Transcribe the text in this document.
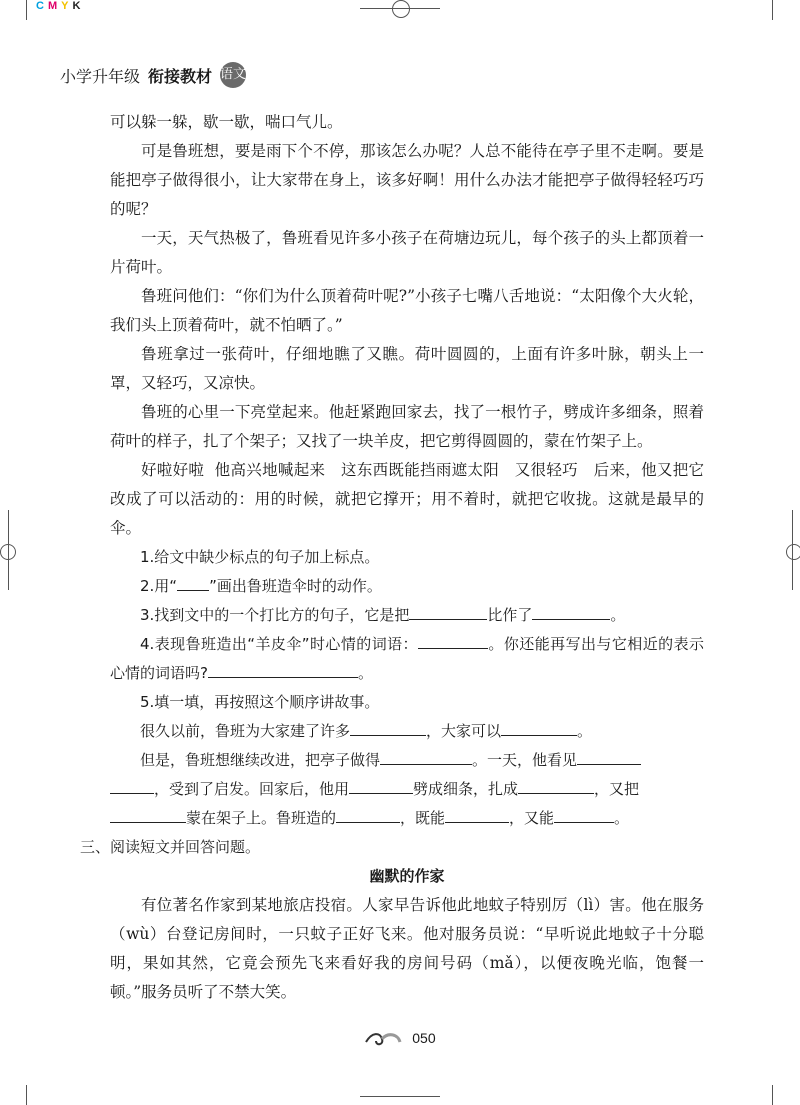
C M Y K
小学升年级 衔接教材 语文

可以躲一躲，歇一歇，喘口气儿。

可是鲁班想，要是雨下个不停，那该怎么办呢？人总不能待在亭子里不走啊。要是能把亭子做得很小，让大家带在身上，该多好啊！用什么办法才能把亭子做得轻轻巧巧的呢？

一天，天气热极了，鲁班看见许多小孩子在荷塘边玩儿，每个孩子的头上都顶着一片荷叶。

鲁班问他们：“你们为什么顶着荷叶呢?”小孩子七嘴八舌地说：“太阳像个大火轮，我们头上顶着荷叶，就不怕晒了。”

鲁班拿过一张荷叶，仔细地瞧了又瞧。荷叶圆圆的，上面有许多叶脉，朝头上一罩，又轻巧，又凉快。

鲁班的心里一下亮堂起来。他赶紧跑回家去，找了一根竹子，劈成许多细条，照着荷叶的样子，扎了个架子；又找了一块羊皮，把它剪得圆圆的，蒙在竹架子上。

好啦好啦  他高兴地喊起来   这东西既能挡雨遮太阳   又很轻巧   后来，他又把它改成了可以活动的：用的时候，就把它撑开；用不着时，就把它收拢。这就是最早的伞。

1.给文中缺少标点的句子加上标点。

2.用“ ”画出鲁班造伞时的动作。

3.找到文中的一个打比方的句子，它是把	比作了	。

4.表现鲁班造出“羊皮伞”时心情的词语：	。你还能再写出与它相近的表示心情的词语吗?	。

5.填一填，再按照这个顺序讲故事。

很久以前，鲁班为大家建了许多	，大家可以	。

但是，鲁班想继续改进，把亭子做得	。一天，他看见

，受到了启发。回家后，他用	劈成细条，扎成	，又把

蒙在架子上。鲁班造的	，既能	，又能	。

三、阅读短文并回答问题。

幽默的作家

有位著名作家到某地旅店投宿。人家早告诉他此地蚊子特别厉（lì）害。他在服务（wù）台登记房间时，一只蚊子正好飞来。他对服务员说：“早听说此地蚊子十分聪明，果如其然，它竟会预先飞来看好我的房间号码（mǎ），以便夜晚光临，饱餐一顿。”服务员听了不禁大笑。

050
